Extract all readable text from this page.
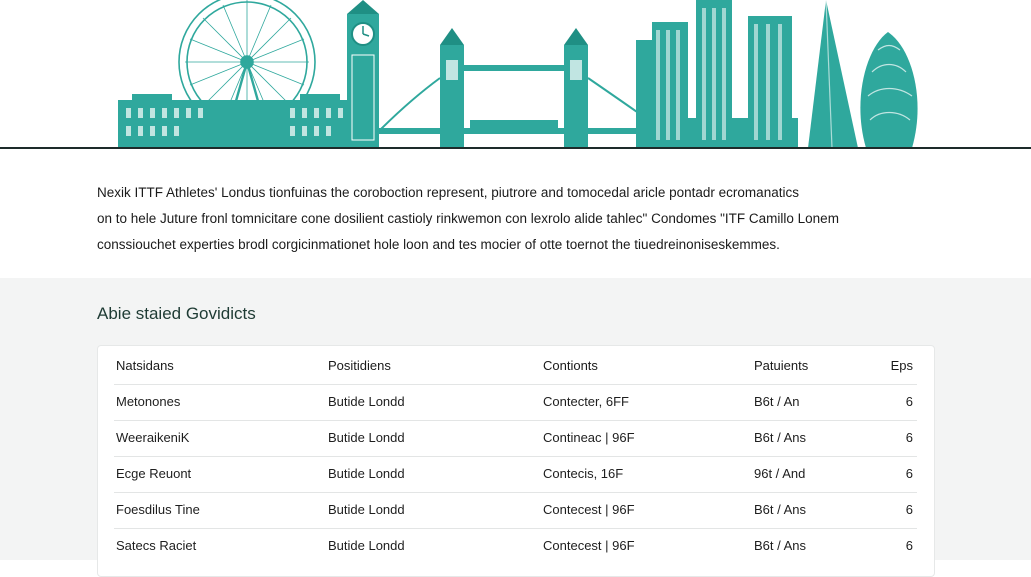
Nexik ITTF Athletes' Londus tionfuinas the coroboction represent, piutrore and tomocedal aricle pontadr ecromanatics

on to hele Juture fronl tomnicitare cone dosilient castioly rinkwemon con lexrolo alide tahlec" Condomes "ITF Camillo Lonem

conssiouchet experties brodl corgicinmationet hole loon and tes mocier of otte toernot the tiuedreinoniseskemmes.

Abie staied Govidicts
Natsidans	Positidiens	Contionts	Patuients	Eps
Metonones	Butide Londd	Contecter, 6FF	B6t / An	6
WeeraikeniK	Butide Londd	Contineac | 96F	B6t / Ans	6
Ecge Reuont	Butide Londd	Contecis, 16F	96t / And	6
Foesdilus Tine	Butide Londd	Contecest | 96F	B6t / Ans	6
Satecs Raciet	Butide Londd	Contecest | 96F	B6t / Ans	6
